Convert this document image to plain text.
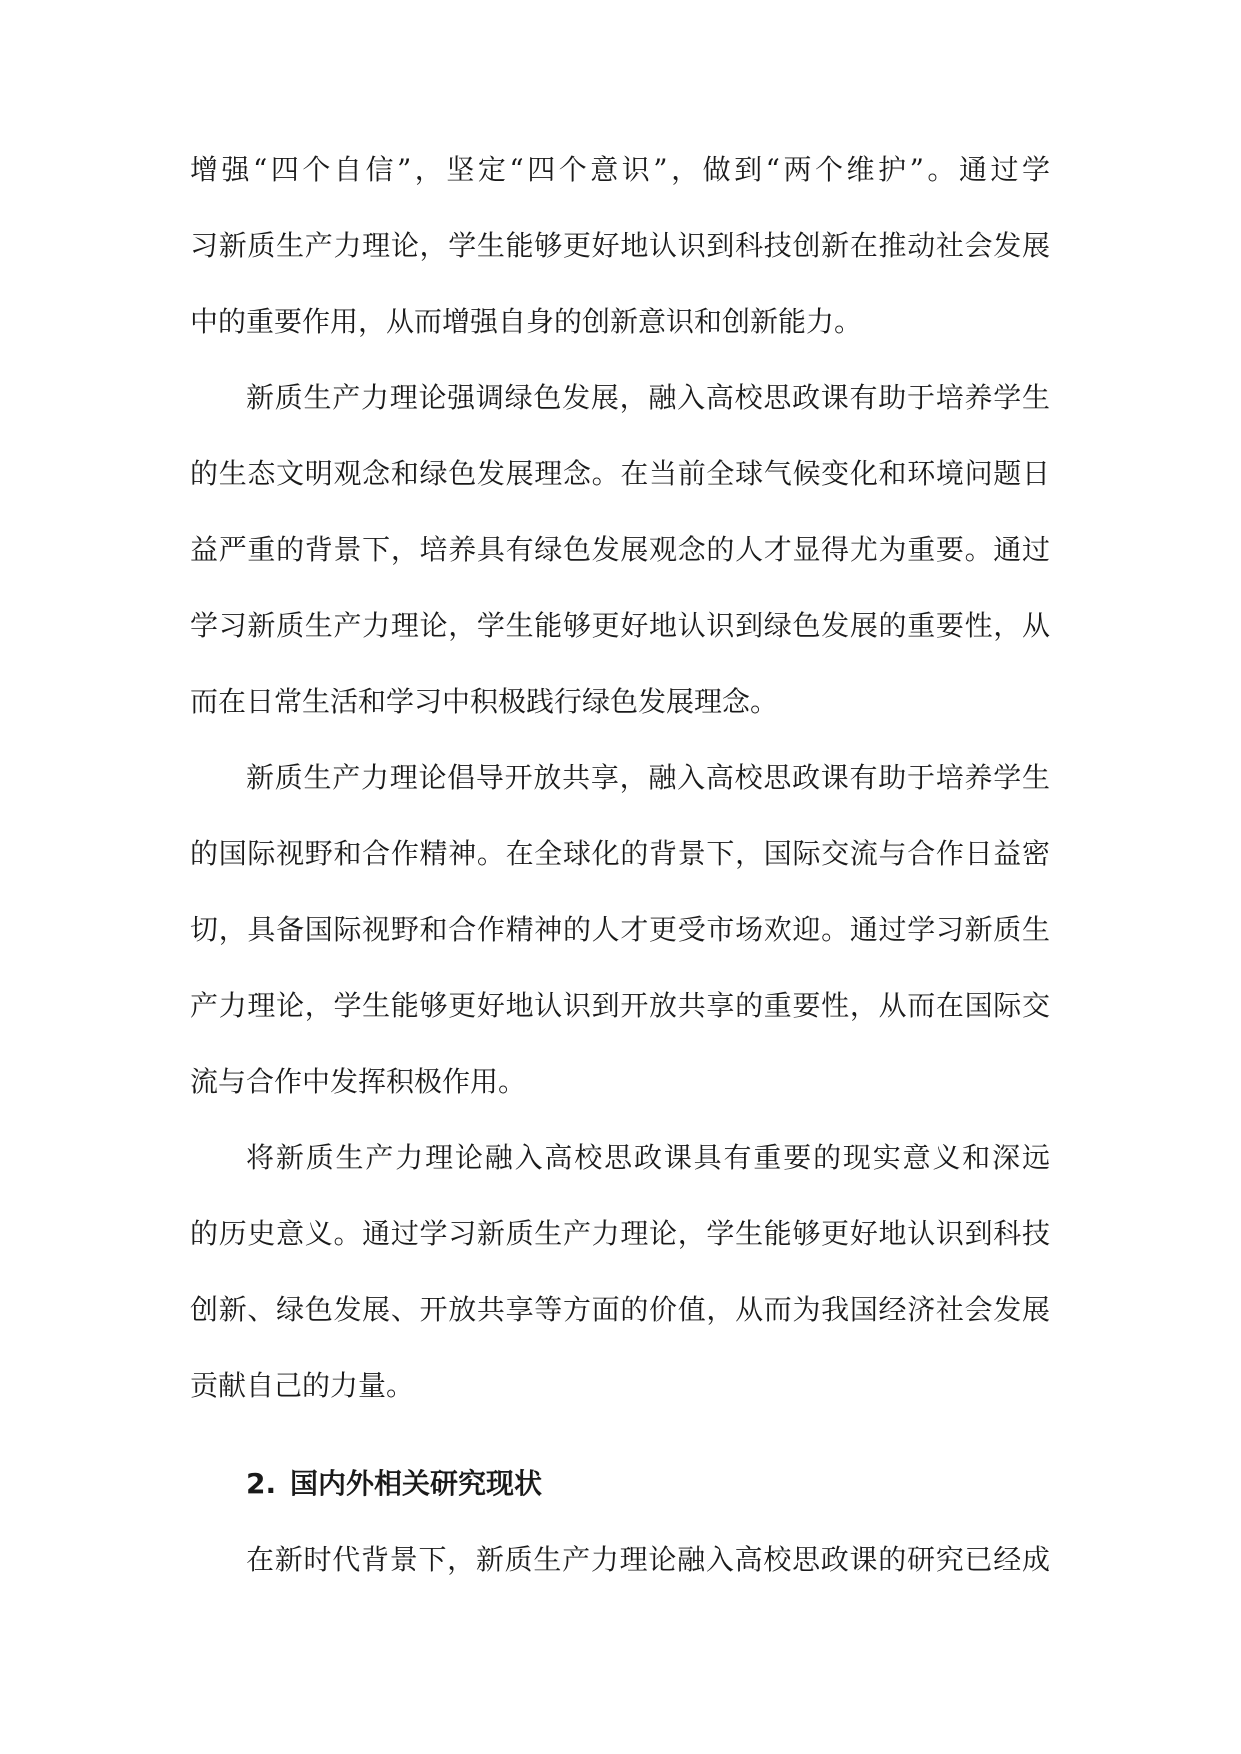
增强“四个自信”，坚定“四个意识”，做到“两个维护”。通过学
习新质生产力理论，学生能够更好地认识到科技创新在推动社会发展
中的重要作用，从而增强自身的创新意识和创新能力。
新质生产力理论强调绿色发展，融入高校思政课有助于培养学生
的生态文明观念和绿色发展理念。在当前全球气候变化和环境问题日
益严重的背景下，培养具有绿色发展观念的人才显得尤为重要。通过
学习新质生产力理论，学生能够更好地认识到绿色发展的重要性，从
而在日常生活和学习中积极践行绿色发展理念。
新质生产力理论倡导开放共享，融入高校思政课有助于培养学生
的国际视野和合作精神。在全球化的背景下，国际交流与合作日益密
切，具备国际视野和合作精神的人才更受市场欢迎。通过学习新质生
产力理论，学生能够更好地认识到开放共享的重要性，从而在国际交
流与合作中发挥积极作用。
将新质生产力理论融入高校思政课具有重要的现实意义和深远
的历史意义。通过学习新质生产力理论，学生能够更好地认识到科技
创新、绿色发展、开放共享等方面的价值，从而为我国经济社会发展
贡献自己的力量。
2. 国内外相关研究现状
在新时代背景下，新质生产力理论融入高校思政课的研究已经成
